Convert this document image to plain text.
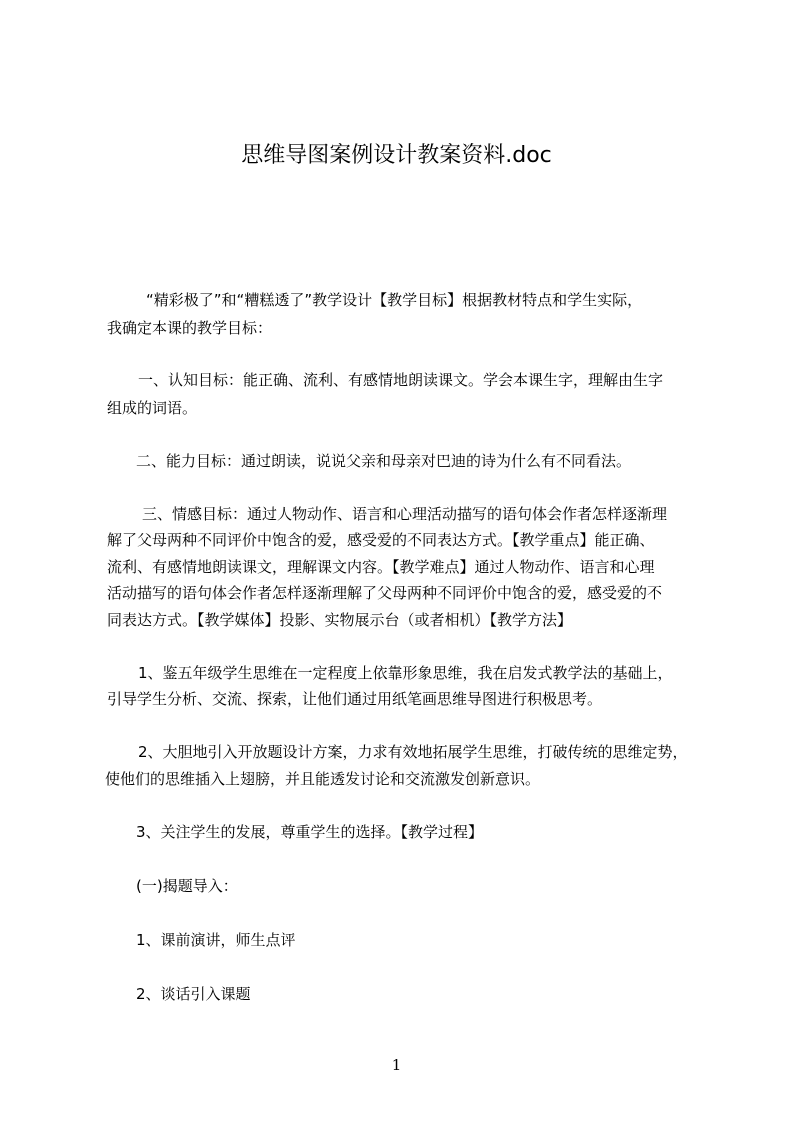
思维导图案例设计教案资料.doc
“精彩极了”和“糟糕透了”教学设计【教学目标】根据教材特点和学生实际，
我确定本课的教学目标：
一、认知目标：能正确、流利、有感情地朗读课文。学会本课生字，理解由生字
组成的词语。
二、能力目标：通过朗读，说说父亲和母亲对巴迪的诗为什么有不同看法。
三、情感目标：通过人物动作、语言和心理活动描写的语句体会作者怎样逐渐理
解了父母两种不同评价中饱含的爱，感受爱的不同表达方式。【教学重点】能正确、
流利、有感情地朗读课文，理解课文内容。【教学难点】通过人物动作、语言和心理
活动描写的语句体会作者怎样逐渐理解了父母两种不同评价中饱含的爱，感受爱的不
同表达方式。【教学媒体】投影、实物展示台（或者相机）【教学方法】
1、鉴五年级学生思维在一定程度上依靠形象思维，我在启发式教学法的基础上，
引导学生分析、交流、探索，让他们通过用纸笔画思维导图进行积极思考。
2、大胆地引入开放题设计方案，力求有效地拓展学生思维，打破传统的思维定势，
使他们的思维插入上翅膀，并且能透发讨论和交流激发创新意识。
3、关注学生的发展，尊重学生的选择。【教学过程】
(一)揭题导入：
1、课前演讲，师生点评
2、谈话引入课题
1
